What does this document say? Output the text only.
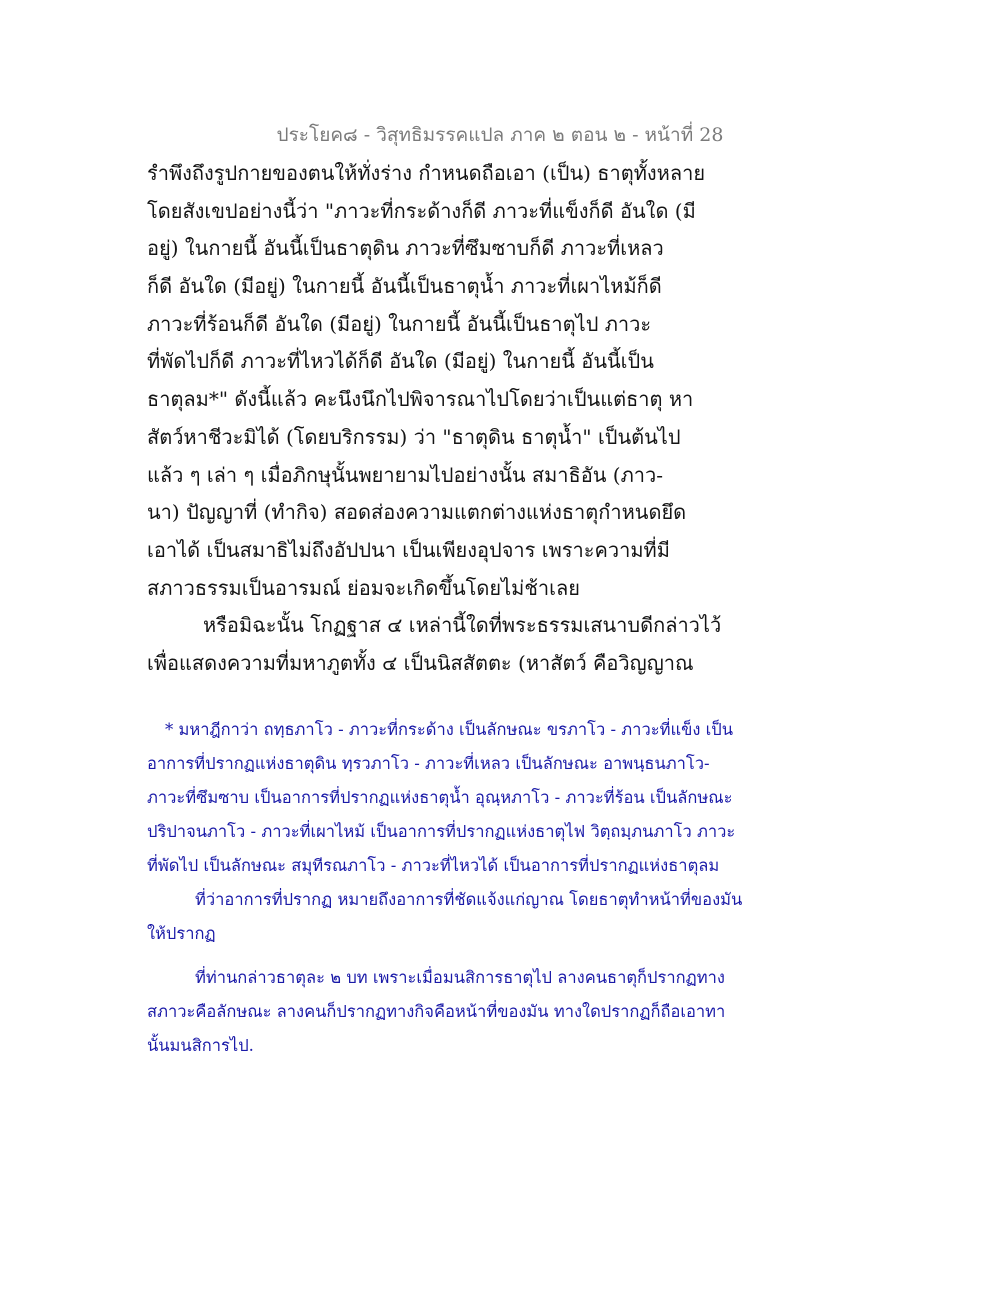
ประโยค๘ - วิสุทธิมรรคแปล ภาค ๒ ตอน ๒ - หน้าที่ 28
รำพึงถึงรูปกายของตนให้ทั่งร่าง กำหนดถือเอา (เป็น) ธาตุทั้งหลาย
โดยสังเขปอย่างนี้ว่า "ภาวะที่กระด้างก็ดี ภาวะที่แข็งก็ดี อันใด (มี
อยู่) ในกายนี้ อันนี้เป็นธาตุดิน ภาวะที่ซึมซาบก็ดี ภาวะที่เหลว
ก็ดี อันใด (มีอยู่) ในกายนี้ อันนี้เป็นธาตุน้ำ ภาวะที่เผาไหม้ก็ดี
ภาวะที่ร้อนก็ดี อันใด (มีอยู่) ในกายนี้ อันนี้เป็นธาตุไป ภาวะ
ที่พัดไปก็ดี ภาวะที่ไหวได้ก็ดี อันใด (มีอยู่) ในกายนี้ อันนี้เป็น
ธาตุลม*" ดังนี้แล้ว คะนึงนึกไปพิจารณาไปโดยว่าเป็นแต่ธาตุ หา
สัตว์หาชีวะมิได้ (โดยบริกรรม) ว่า "ธาตุดิน ธาตุน้ำ" เป็นต้นไป
แล้ว ๆ เล่า ๆ เมื่อภิกษุนั้นพยายามไปอย่างนั้น สมาธิอัน (ภาว-
นา) ปัญญาที่ (ทำกิจ) สอดส่องความแตกต่างแห่งธาตุกำหนดยึด
เอาได้ เป็นสมาธิไม่ถึงอัปปนา เป็นเพียงอุปจาร เพราะความที่มี
สภาวธรรมเป็นอารมณ์ ย่อมจะเกิดขึ้นโดยไม่ช้าเลย
หรือมิฉะนั้น โกฏฐาส ๔ เหล่านี้ใดที่พระธรรมเสนาบดีกล่าวไว้
เพื่อแสดงความที่มหาภูตทั้ง ๔ เป็นนิสสัตตะ (หาสัตว์ คือวิญญาณ
* มหาฎีกาว่า ถทฺธภาโว - ภาวะที่กระด้าง เป็นลักษณะ ขรภาโว - ภาวะที่แข็ง เป็น
อาการที่ปรากฏแห่งธาตุดิน ทฺรวภาโว - ภาวะที่เหลว เป็นลักษณะ อาพนฺธนภาโว-
ภาวะที่ซึมซาบ เป็นอาการที่ปรากฏแห่งธาตุน้ำ อุณฺหภาโว - ภาวะที่ร้อน เป็นลักษณะ
ปริปาจนภาโว - ภาวะที่เผาไหม้ เป็นอาการที่ปรากฏแห่งธาตุไฟ วิตฺถมฺภนภาโว ภาวะ
ที่พัดไป เป็นลักษณะ สมุทีรณภาโว - ภาวะที่ไหวได้ เป็นอาการที่ปรากฏแห่งธาตุลม
ที่ว่าอาการที่ปรากฏ หมายถึงอาการที่ชัดแจ้งแก่ญาณ โดยธาตุทำหน้าที่ของมัน
ให้ปรากฏ
ที่ท่านกล่าวธาตุละ ๒ บท เพราะเมื่อมนสิการธาตุไป ลางคนธาตุก็ปรากฏทาง
สภาวะคือลักษณะ ลางคนก็ปรากฏทางกิจคือหน้าที่ของมัน ทางใดปรากฏก็ถือเอาทา
นั้นมนสิการไป.
